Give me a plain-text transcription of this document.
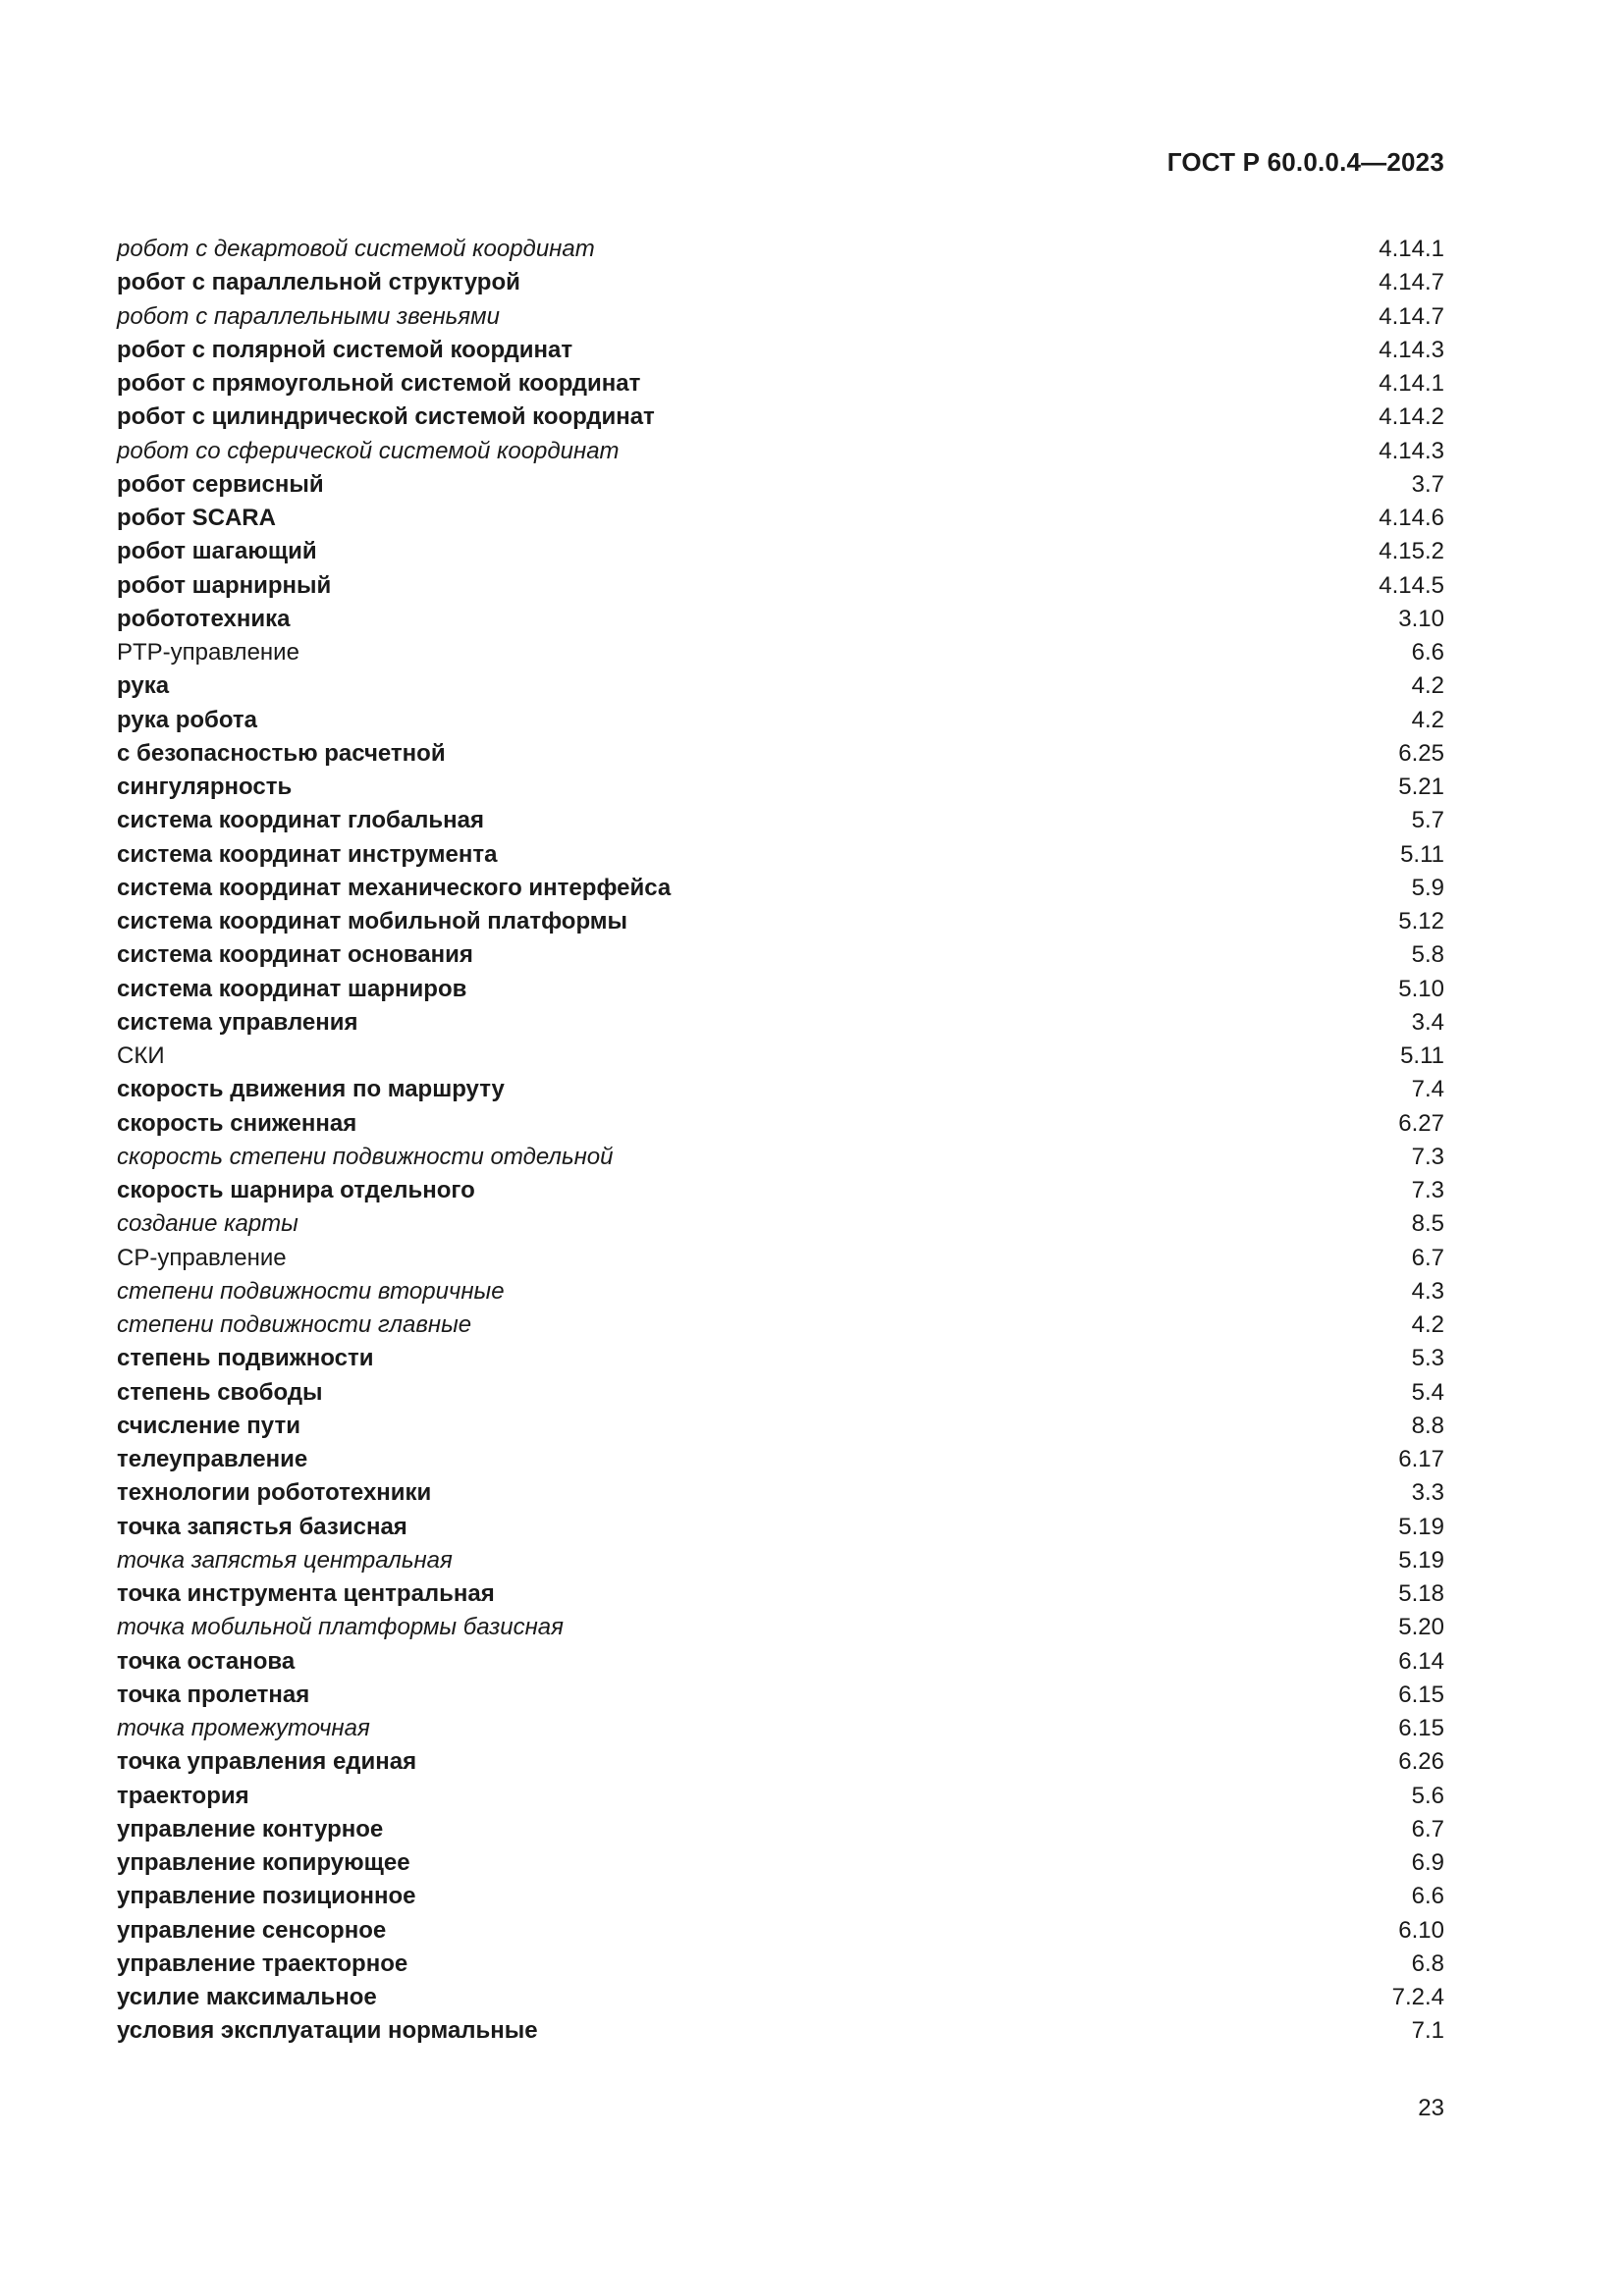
ГОСТ Р 60.0.0.4—2023
робот с декартовой системой координат	4.14.1
робот с параллельной структурой	4.14.7
робот с параллельными звеньями	4.14.7
робот с полярной системой координат	4.14.3
робот с прямоугольной системой координат	4.14.1
робот с цилиндрической системой координат	4.14.2
робот со сферической системой координат	4.14.3
робот сервисный	3.7
робот SCARA	4.14.6
робот шагающий	4.15.2
робот шарнирный	4.14.5
робототехника	3.10
PTP-управление	6.6
рука	4.2
рука робота	4.2
с безопасностью расчетной	6.25
сингулярность	5.21
система координат глобальная	5.7
система координат инструмента	5.11
система координат механического интерфейса	5.9
система координат мобильной платформы	5.12
система координат основания	5.8
система координат шарниров	5.10
система управления	3.4
СКИ	5.11
скорость движения по маршруту	7.4
скорость сниженная	6.27
скорость степени подвижности отдельной	7.3
скорость шарнира отдельного	7.3
создание карты	8.5
CP-управление	6.7
степени подвижности вторичные	4.3
степени подвижности главные	4.2
степень подвижности	5.3
степень свободы	5.4
счисление пути	8.8
телеуправление	6.17
технологии робототехники	3.3
точка запястья базисная	5.19
точка запястья центральная	5.19
точка инструмента центральная	5.18
точка мобильной платформы базисная	5.20
точка останова	6.14
точка пролетная	6.15
точка промежуточная	6.15
точка управления единая	6.26
траектория	5.6
управление контурное	6.7
управление копирующее	6.9
управление позиционное	6.6
управление сенсорное	6.10
управление траекторное	6.8
усилие максимальное	7.2.4
условия эксплуатации нормальные	7.1
23
